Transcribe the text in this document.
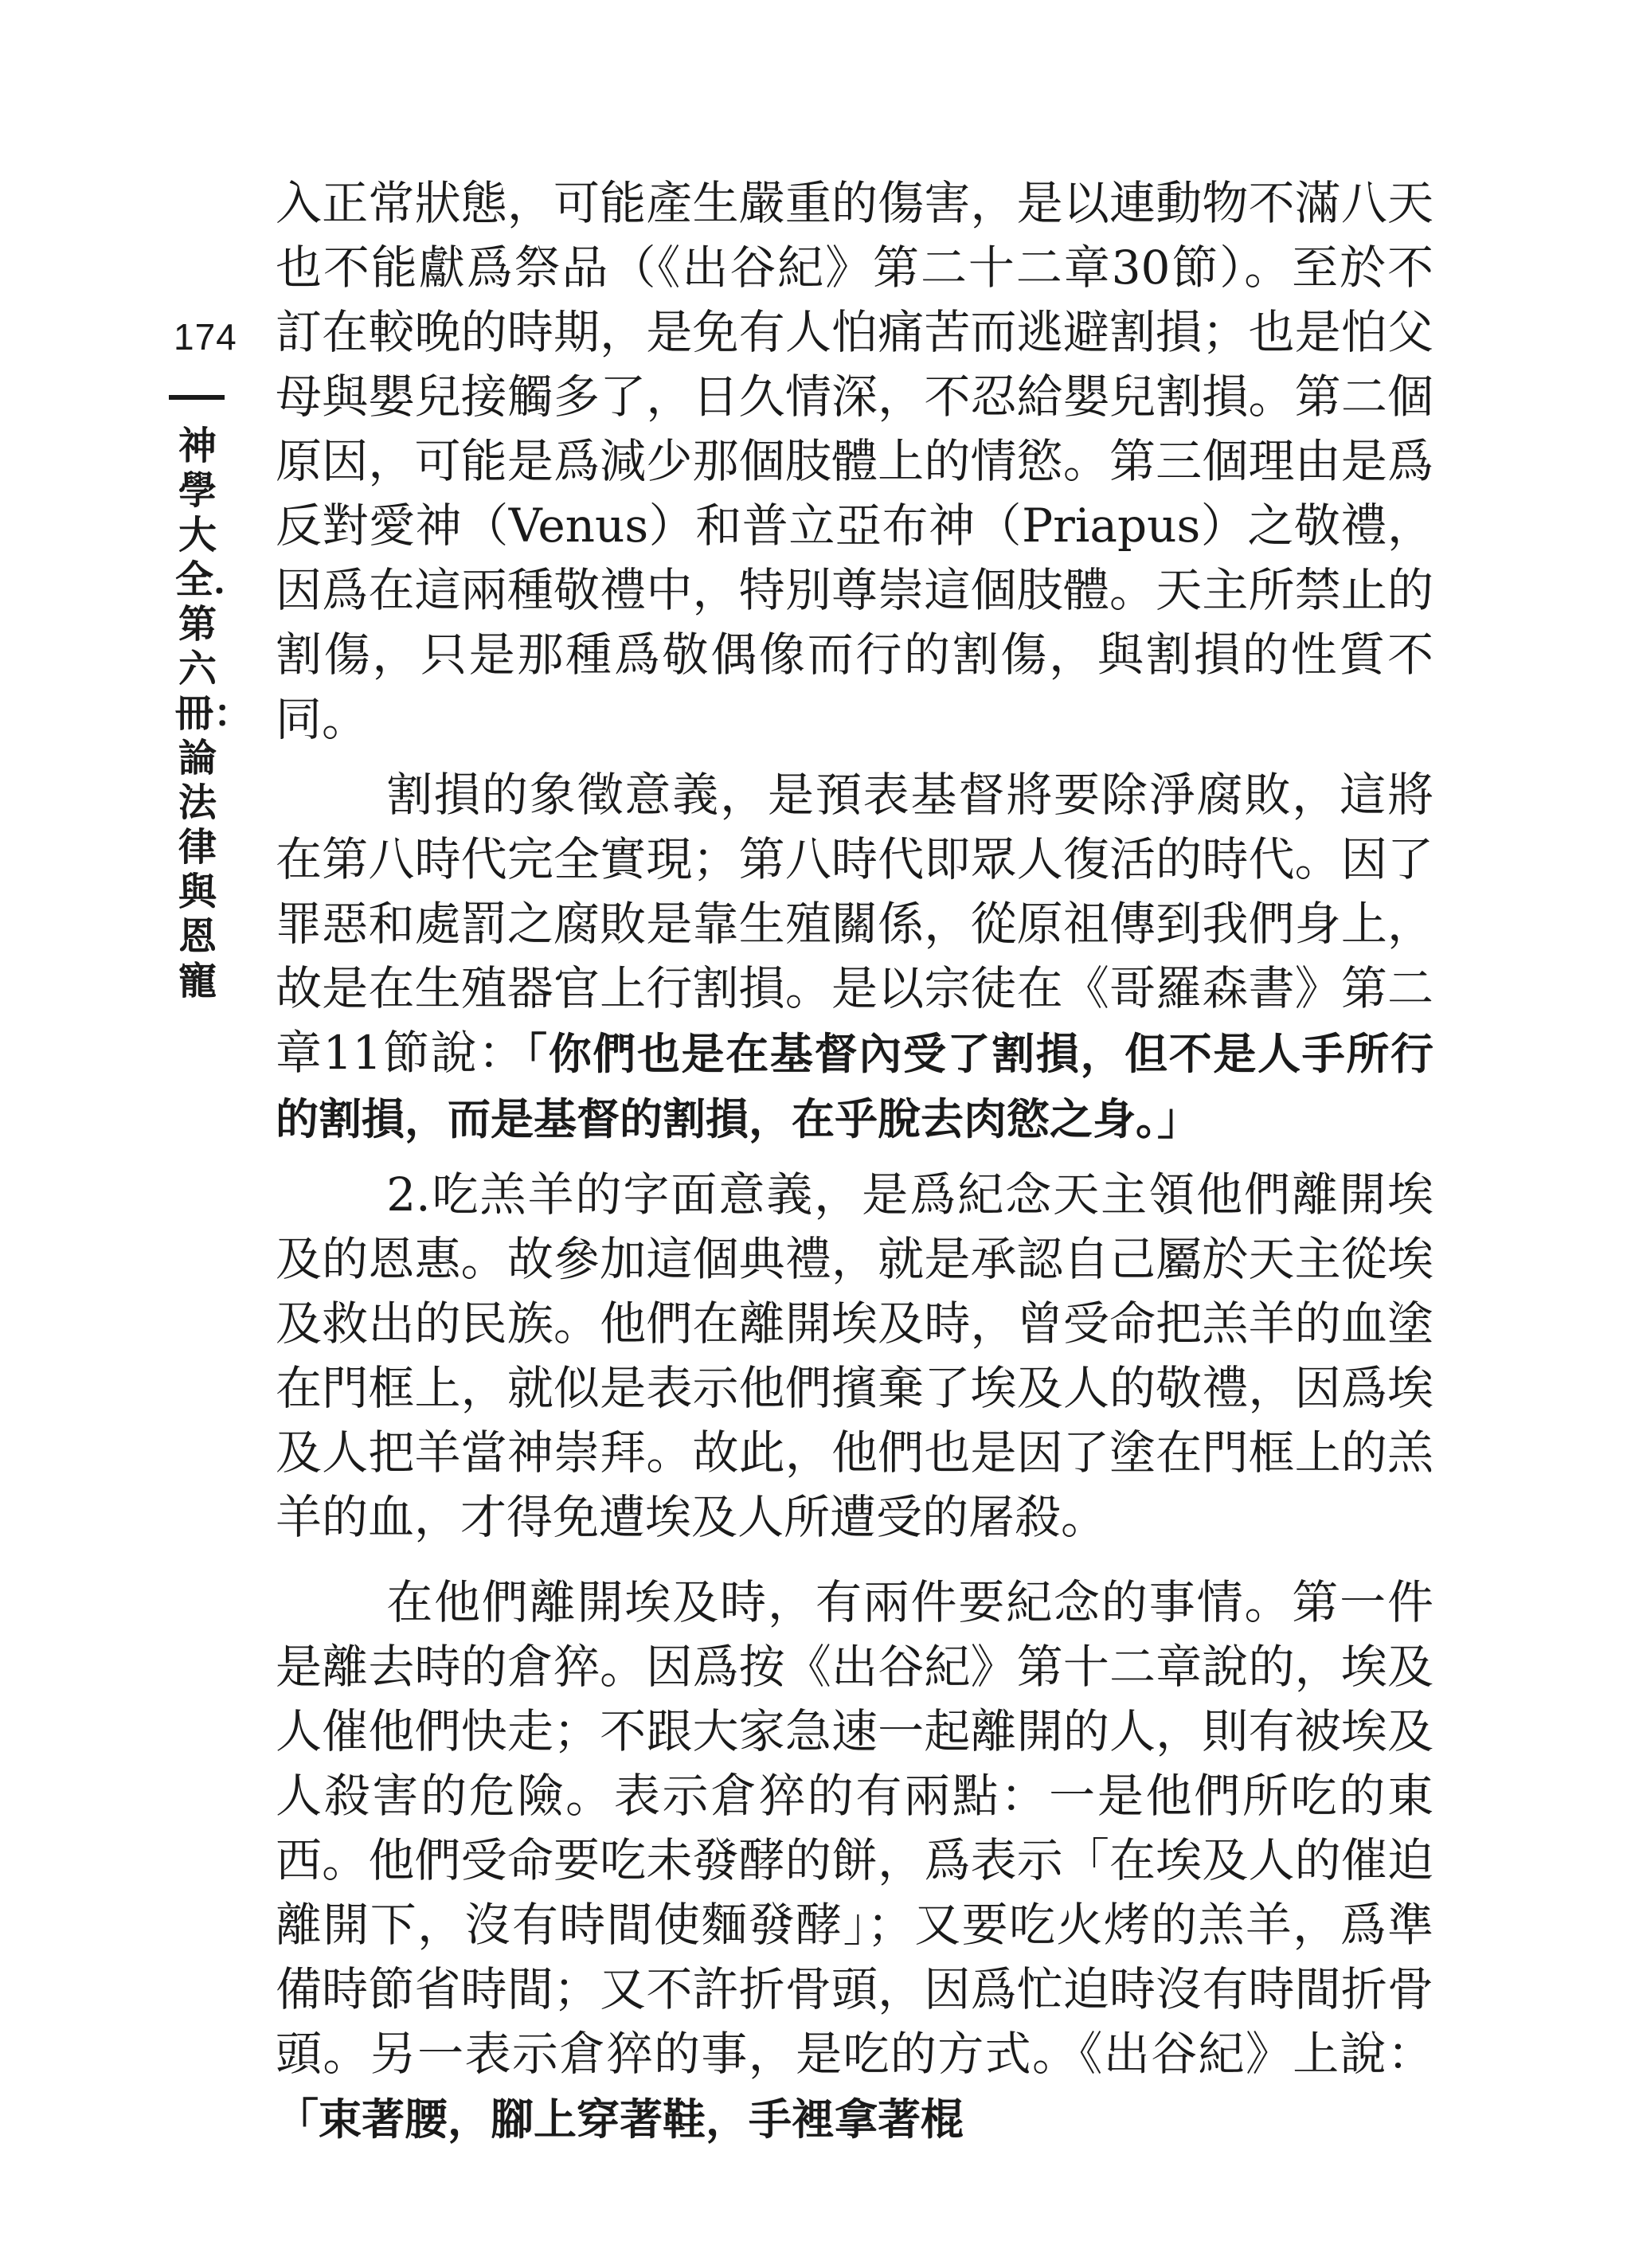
174
神學大全．第六冊：論法律與恩寵

入正常狀態，可能產生嚴重的傷害，是以連動物不滿八天也不能獻爲祭品（《出谷紀》第二十二章30節）。至於不訂在較晚的時期，是免有人怕痛苦而逃避割損；也是怕父母與嬰兒接觸多了，日久情深，不忍給嬰兒割損。第二個原因，可能是爲減少那個肢體上的情慾。第三個理由是爲反對愛神（Venus）和普立亞布神（Priapus）之敬禮，因爲在這兩種敬禮中，特別尊崇這個肢體。天主所禁止的割傷，只是那種爲敬偶像而行的割傷，與割損的性質不同。

割損的象徵意義，是預表基督將要除淨腐敗，這將在第八時代完全實現；第八時代即眾人復活的時代。因了罪惡和處罰之腐敗是靠生殖關係，從原祖傳到我們身上，故是在生殖器官上行割損。是以宗徒在《哥羅森書》第二章11節說：「你們也是在基督內受了割損，但不是人手所行的割損，而是基督的割損，在乎脫去肉慾之身。」

2.吃羔羊的字面意義，是爲紀念天主領他們離開埃及的恩惠。故參加這個典禮，就是承認自己屬於天主從埃及救出的民族。他們在離開埃及時，曾受命把羔羊的血塗在門框上，就似是表示他們擯棄了埃及人的敬禮，因爲埃及人把羊當神崇拜。故此，他們也是因了塗在門框上的羔羊的血，才得免遭埃及人所遭受的屠殺。

在他們離開埃及時，有兩件要紀念的事情。第一件是離去時的倉猝。因爲按《出谷紀》第十二章說的，埃及人催他們快走；不跟大家急速一起離開的人，則有被埃及人殺害的危險。表示倉猝的有兩點：一是他們所吃的東西。他們受命要吃未發酵的餅，爲表示「在埃及人的催迫離開下，沒有時間使麵發酵」；又要吃火烤的羔羊，爲準備時節省時間；又不許折骨頭，因爲忙迫時沒有時間折骨頭。另一表示倉猝的事，是吃的方式。《出谷紀》上說：「束著腰，腳上穿著鞋，手裡拿著棍
